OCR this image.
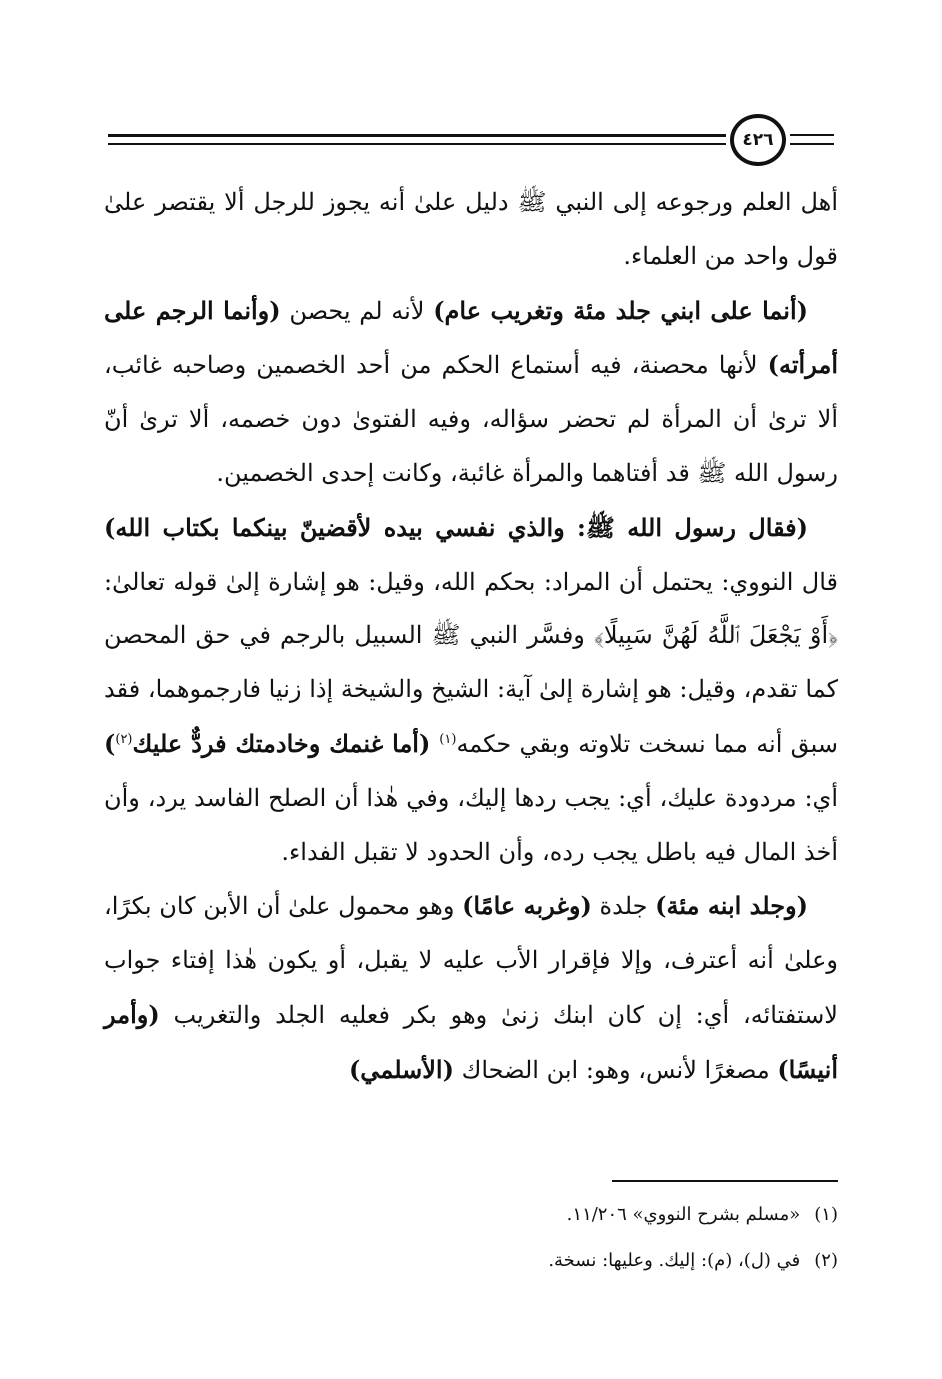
٤٢٦

أهل العلم ورجوعه إلى النبي ﷺ دليل علىٰ أنه يجوز للرجل ألا يقتصر علىٰ قول واحد من العلماء.

(أنما على ابني جلد مئة وتغريب عام) لأنه لم يحصن (وأنما الرجم على أمرأته) لأنها محصنة، فيه أستماع الحكم من أحد الخصمين وصاحبه غائب، ألا ترىٰ أن المرأة لم تحضر سؤاله، وفيه الفتوىٰ دون خصمه، ألا ترىٰ أنّ رسول الله ﷺ قد أفتاهما والمرأة غائبة، وكانت إحدى الخصمين.

(فقال رسول الله ﷺ: والذي نفسي بيده لأقضينّ بينكما بكتاب الله) قال النووي: يحتمل أن المراد: بحكم الله، وقيل: هو إشارة إلىٰ قوله تعالىٰ: ﴿أَوْ يَجْعَلَ ٱللَّهُ لَهُنَّ سَبِيلًا﴾ وفسَّر النبي ﷺ السبيل بالرجم في حق المحصن كما تقدم، وقيل: هو إشارة إلىٰ آية: الشيخ والشيخة إذا زنيا فارجموهما، فقد سبق أنه مما نسخت تلاوته وبقي حكمه$^{(١)}$ (أما غنمك وخادمتك فردٌّ عليك$^{(٢)}$) أي: مردودة عليك، أي: يجب ردها إليك، وفي هٰذا أن الصلح الفاسد يرد، وأن أخذ المال فيه باطل يجب رده، وأن الحدود لا تقبل الفداء.

(وجلد ابنه مئة) جلدة (وغربه عامًا) وهو محمول علىٰ أن الأبن كان بكرًا، وعلىٰ أنه أعترف، وإلا فإقرار الأب عليه لا يقبل، أو يكون هٰذا إفتاء جواب لاستفتائه، أي: إن كان ابنك زنىٰ وهو بكر فعليه الجلد والتغريب (وأمر أنيسًا) مصغرًا لأنس، وهو: ابن الضحاك (الأسلمي)

(١)«مسلم بشرح النووي» ١١/٢٠٦.

(٢)في (ل)، (م): إليك. وعليها: نسخة.
